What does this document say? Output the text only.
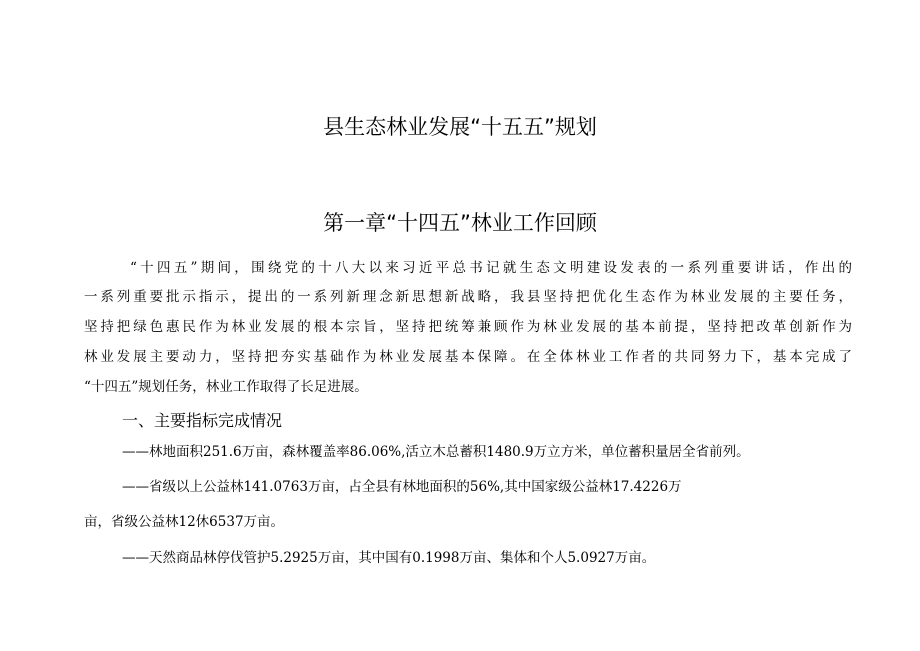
县生态林业发展“十五五”规划
第一章“十四五”林业工作回顾
“十四五”期间，围绕党的十八大以来习近平总书记就生态文明建设发表的一系列重要讲话，作出的
一系列重要批示指示，提出的一系列新理念新思想新战略，我县坚持把优化生态作为林业发展的主要任务，
坚持把绿色惠民作为林业发展的根本宗旨，坚持把统筹兼顾作为林业发展的基本前提，坚持把改革创新作为
林业发展主要动力，坚持把夯实基础作为林业发展基本保障。在全体林业工作者的共同努力下，基本完成了
“十四五”规划任务，林业工作取得了长足进展。
一、主要指标完成情况
——林地面积251.6万亩，森林覆盖率86.06%,活立木总蓄积1480.9万立方米，单位蓄积量居全省前列。
——省级以上公益林141.0763万亩，占全县有林地面积的56%,其中国家级公益林17.4226万
亩，省级公益林12休6537万亩。
——天然商品林停伐管护5.2925万亩，其中国有0.1998万亩、集体和个人5.0927万亩。
